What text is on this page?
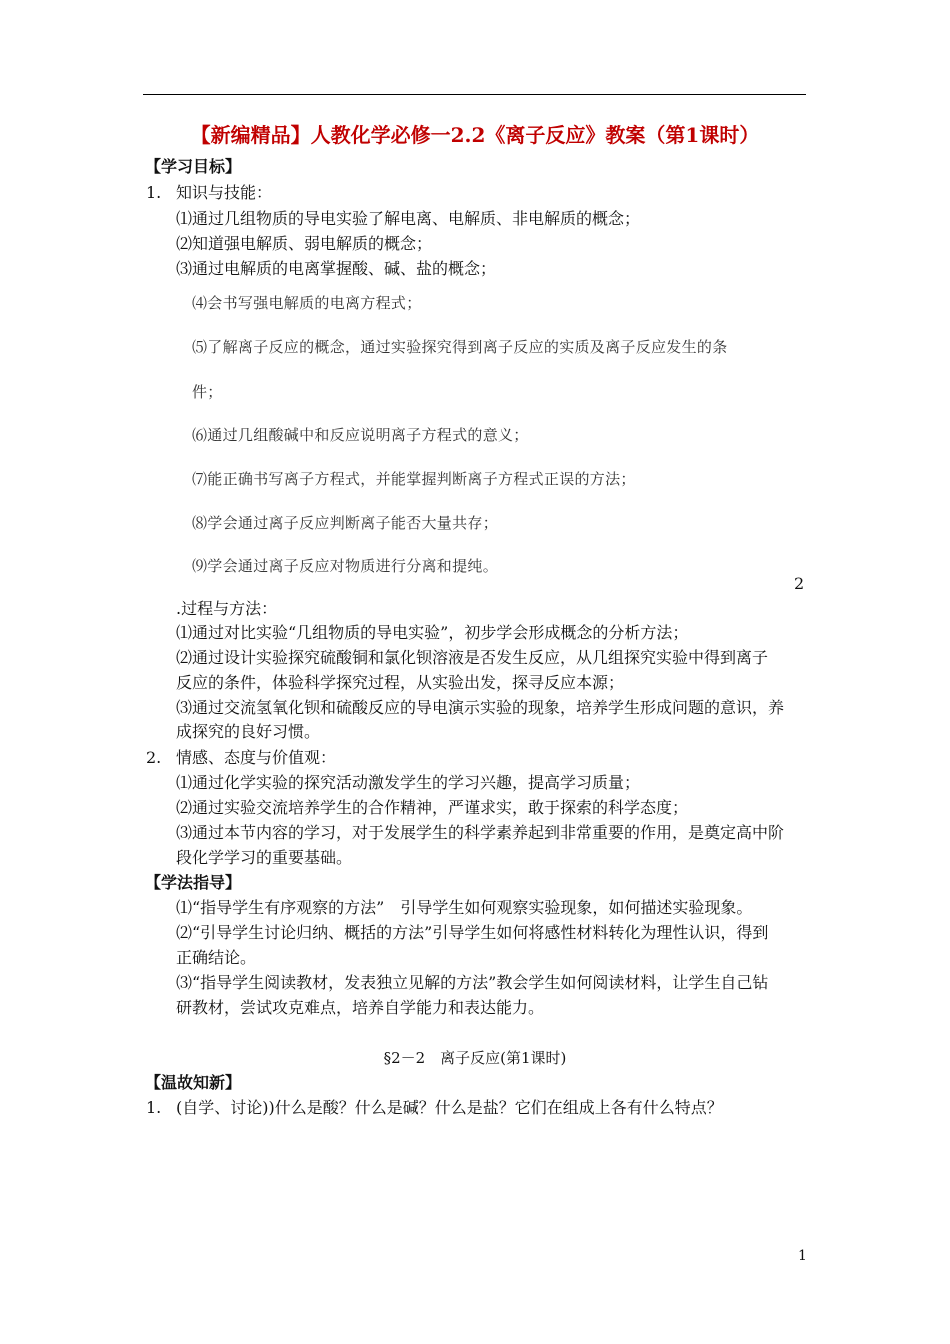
【新编精品】人教化学必修一2.2《离子反应》教案（第1课时）
【学习目标】
1. 知识与技能：
⑴通过几组物质的导电实验了解电离、电解质、非电解质的概念；
⑵知道强电解质、弱电解质的概念；
⑶通过电解质的电离掌握酸、碱、盐的概念；
⑷会书写强电解质的电离方程式；
⑸了解离子反应的概念，通过实验探究得到离子反应的实质及离子反应发生的条
件；
⑹通过几组酸碱中和反应说明离子方程式的意义；
⑺能正确书写离子方程式，并能掌握判断离子方程式正误的方法；
⑻学会通过离子反应判断离子能否大量共存；
⑼学会通过离子反应对物质进行分离和提纯。
2
.过程与方法：
⑴通过对比实验“几组物质的导电实验”，初步学会形成概念的分析方法；
⑵通过设计实验探究硫酸铜和氯化钡溶液是否发生反应，从几组探究实验中得到离子
反应的条件，体验科学探究过程，从实验出发，探寻反应本源；
⑶通过交流氢氧化钡和硫酸反应的导电演示实验的现象，培养学生形成问题的意识，养
成探究的良好习惯。
2. 情感、态度与价值观：
⑴通过化学实验的探究活动激发学生的学习兴趣，提高学习质量；
⑵通过实验交流培养学生的合作精神，严谨求实，敢于探索的科学态度；
⑶通过本节内容的学习，对于发展学生的科学素养起到非常重要的作用，是奠定高中阶
段化学学习的重要基础。
【学法指导】
⑴“指导学生有序观察的方法”　引导学生如何观察实验现象，如何描述实验现象。
⑵“引导学生讨论归纳、概括的方法”引导学生如何将感性材料转化为理性认识，得到
正确结论。
⑶“指导学生阅读教材，发表独立见解的方法”教会学生如何阅读材料，让学生自己钻
研教材，尝试攻克难点，培养自学能力和表达能力。
§2－2　离子反应(第1课时)
【温故知新】
1. (自学、讨论))什么是酸？什么是碱？什么是盐？它们在组成上各有什么特点？
1
